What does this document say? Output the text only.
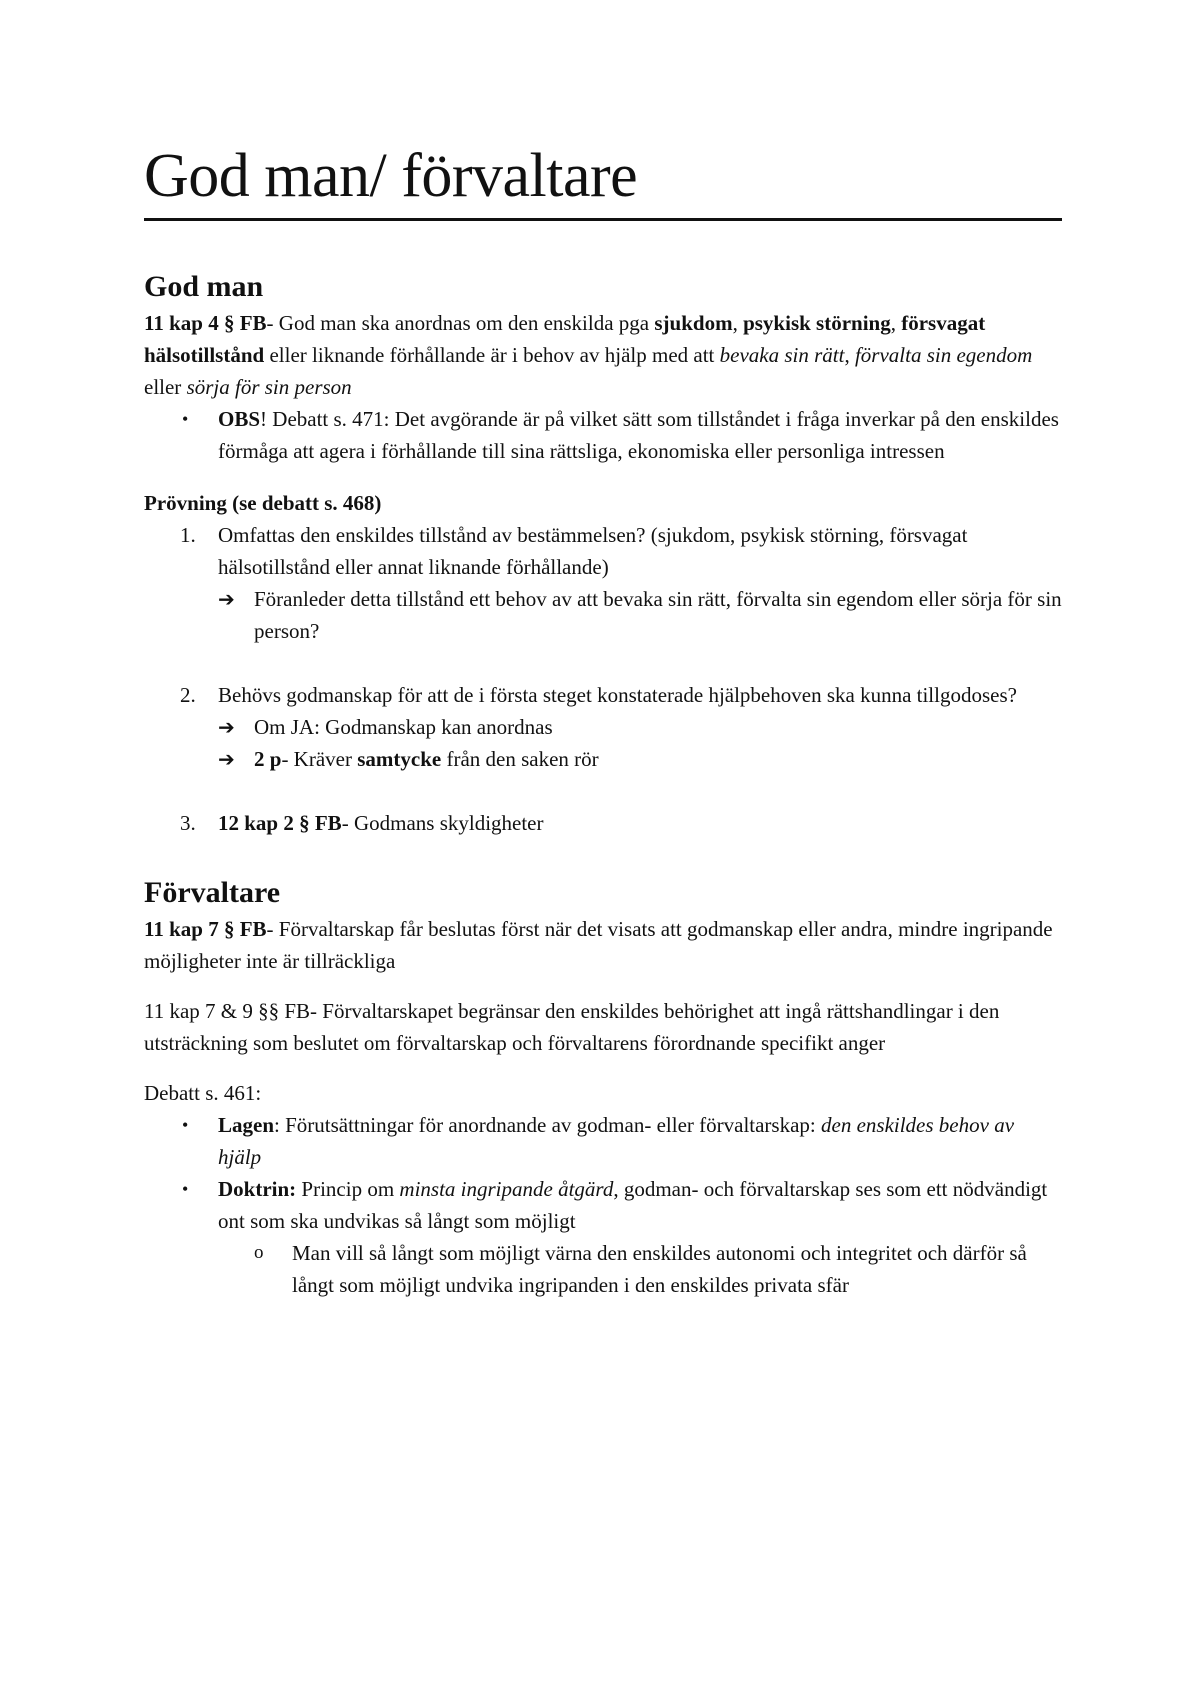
God man/ förvaltare
God man

11 kap 4 § FB- God man ska anordnas om den enskilda pga sjukdom, psykisk störning, försvagat hälsotillstånd eller liknande förhållande är i behov av hjälp med att bevaka sin rätt, förvalta sin egendom eller sörja för sin person

• OBS! Debatt s. 471: Det avgörande är på vilket sätt som tillståndet i fråga inverkar på den enskildes förmåga att agera i förhållande till sina rättsliga, ekonomiska eller personliga intressen

Prövning (se debatt s. 468)

1. Omfattas den enskildes tillstånd av bestämmelsen? (sjukdom, psykisk störning, försvagat hälsotillstånd eller annat liknande förhållande)
➔ Föranleder detta tillstånd ett behov av att bevaka sin rätt, förvalta sin egendom eller sörja för sin person?
2. Behövs godmanskap för att de i första steget konstaterade hjälpbehoven ska kunna tillgodoses?
➔ Om JA: Godmanskap kan anordnas
➔ 2 p- Kräver samtycke från den saken rör
3. 12 kap 2 § FB- Godmans skyldigheter
Förvaltare

11 kap 7 § FB- Förvaltarskap får beslutas först när det visats att godmanskap eller andra, mindre ingripande möjligheter inte är tillräckliga

11 kap 7 & 9 §§ FB- Förvaltarskapet begränsar den enskildes behörighet att ingå rättshandlingar i den utsträckning som beslutet om förvaltarskap och förvaltarens förordnande specifikt anger

Debatt s. 461:

• Lagen: Förutsättningar för anordnande av godman- eller förvaltarskap: den enskildes behov av hjälp
• Doktrin: Princip om minsta ingripande åtgärd, godman- och förvaltarskap ses som ett nödvändigt ont som ska undvikas så långt som möjligt
o Man vill så långt som möjligt värna den enskildes autonomi och integritet och därför så långt som möjligt undvika ingripanden i den enskildes privata sfär
